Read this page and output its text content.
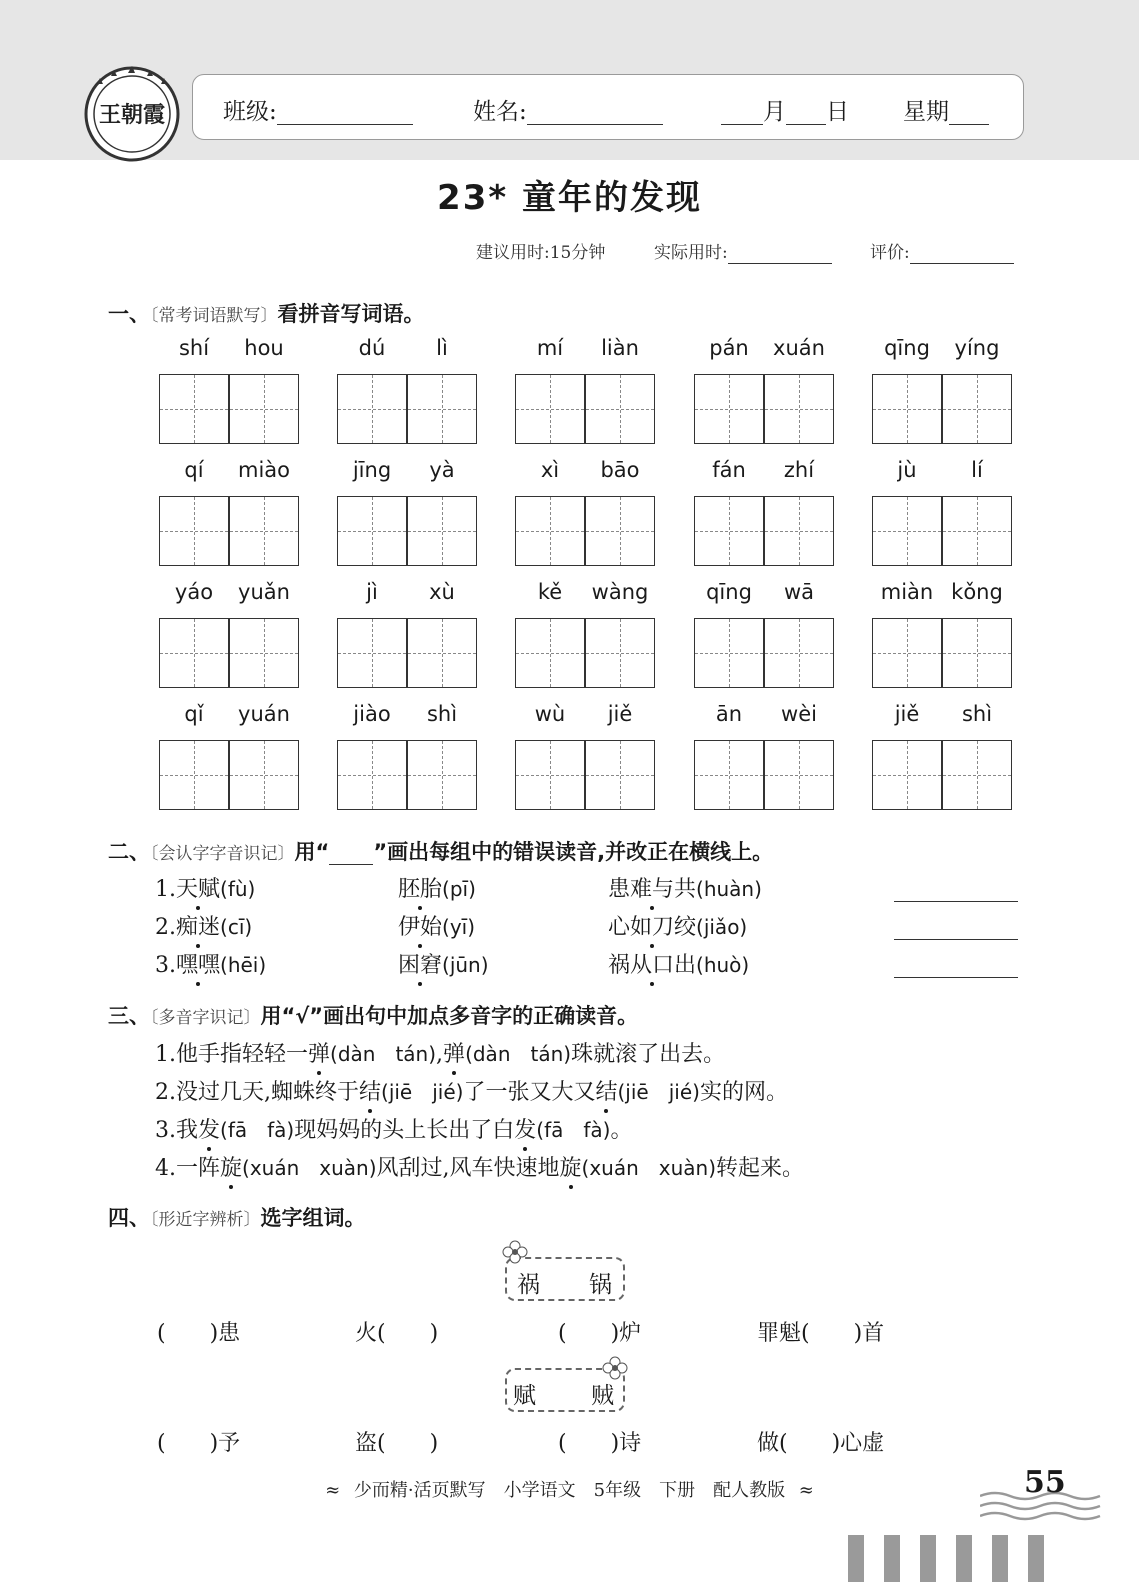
王朝霞	班级:	姓名:	月 日 星期
23* 童年的发现
建议用时:15分钟	实际用时:	评价:
一、〔常考词语默写〕看拼音写词语。
shí	hou	dú	lì	mí	liàn	pán	xuán	qīng	yíng
qí	miào	jīng	yà	xì	bāo	fán	zhí	jù	lí
yáo	yuǎn	jì	xù	kě	wàng	qīng	wā	miàn kǒng
qǐ	yuán	jiào	shì	wù	jiě	ān	wèi	jiě	shì
二、〔会认字字音识记〕用“ ”画出每组中的错误读音,并改正在横线上。
1.天赋(fù)	胚胎(pī)	患难与共(huàn)
2.痴迷(cī)	伊始(yī)	心如刀绞(jiǎo)
3.嘿嘿(hēi)	困窘(jūn)	祸从口出(huò)
三、〔多音字识记〕用“√”画出句中加点多音字的正确读音。
1.他手指轻轻一弹(dàn　tán),弹(dàn　tán)珠就滚了出去。
2.没过几天,蜘蛛终于结(jiē　jié)了一张又大又结(jiē　jié)实的网。
3.我发(fā　fà)现妈妈的头上长出了白发(fā　fà)。
4.一阵旋(xuán　xuàn)风刮过,风车快速地旋(xuán　xuàn)转起来。
四、〔形近字辨析〕选字组词。
祸 锅
(　　)患	火(　　)	(　　)炉	罪魁(　　)首
赋 贼
(　　)予	盗(　　)	(　　)诗	做(　　)心虚
≈ 少而精·活页默写　小学语文　5年级　下册　配人教版 ≈	55
